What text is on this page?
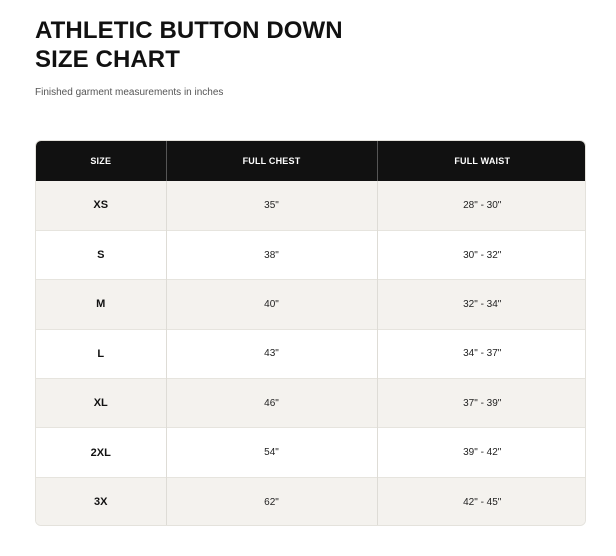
ATHLETIC BUTTON DOWN
SIZE CHART

Finished garment measurements in inches

SIZE	FULL CHEST	FULL WAIST
XS	35"	28" - 30"
S	38"	30" - 32"
M	40"	32" - 34"
L	43"	34" - 37"
XL	46"	37" - 39"
2XL	54"	39" - 42"
3X	62"	42" - 45"
